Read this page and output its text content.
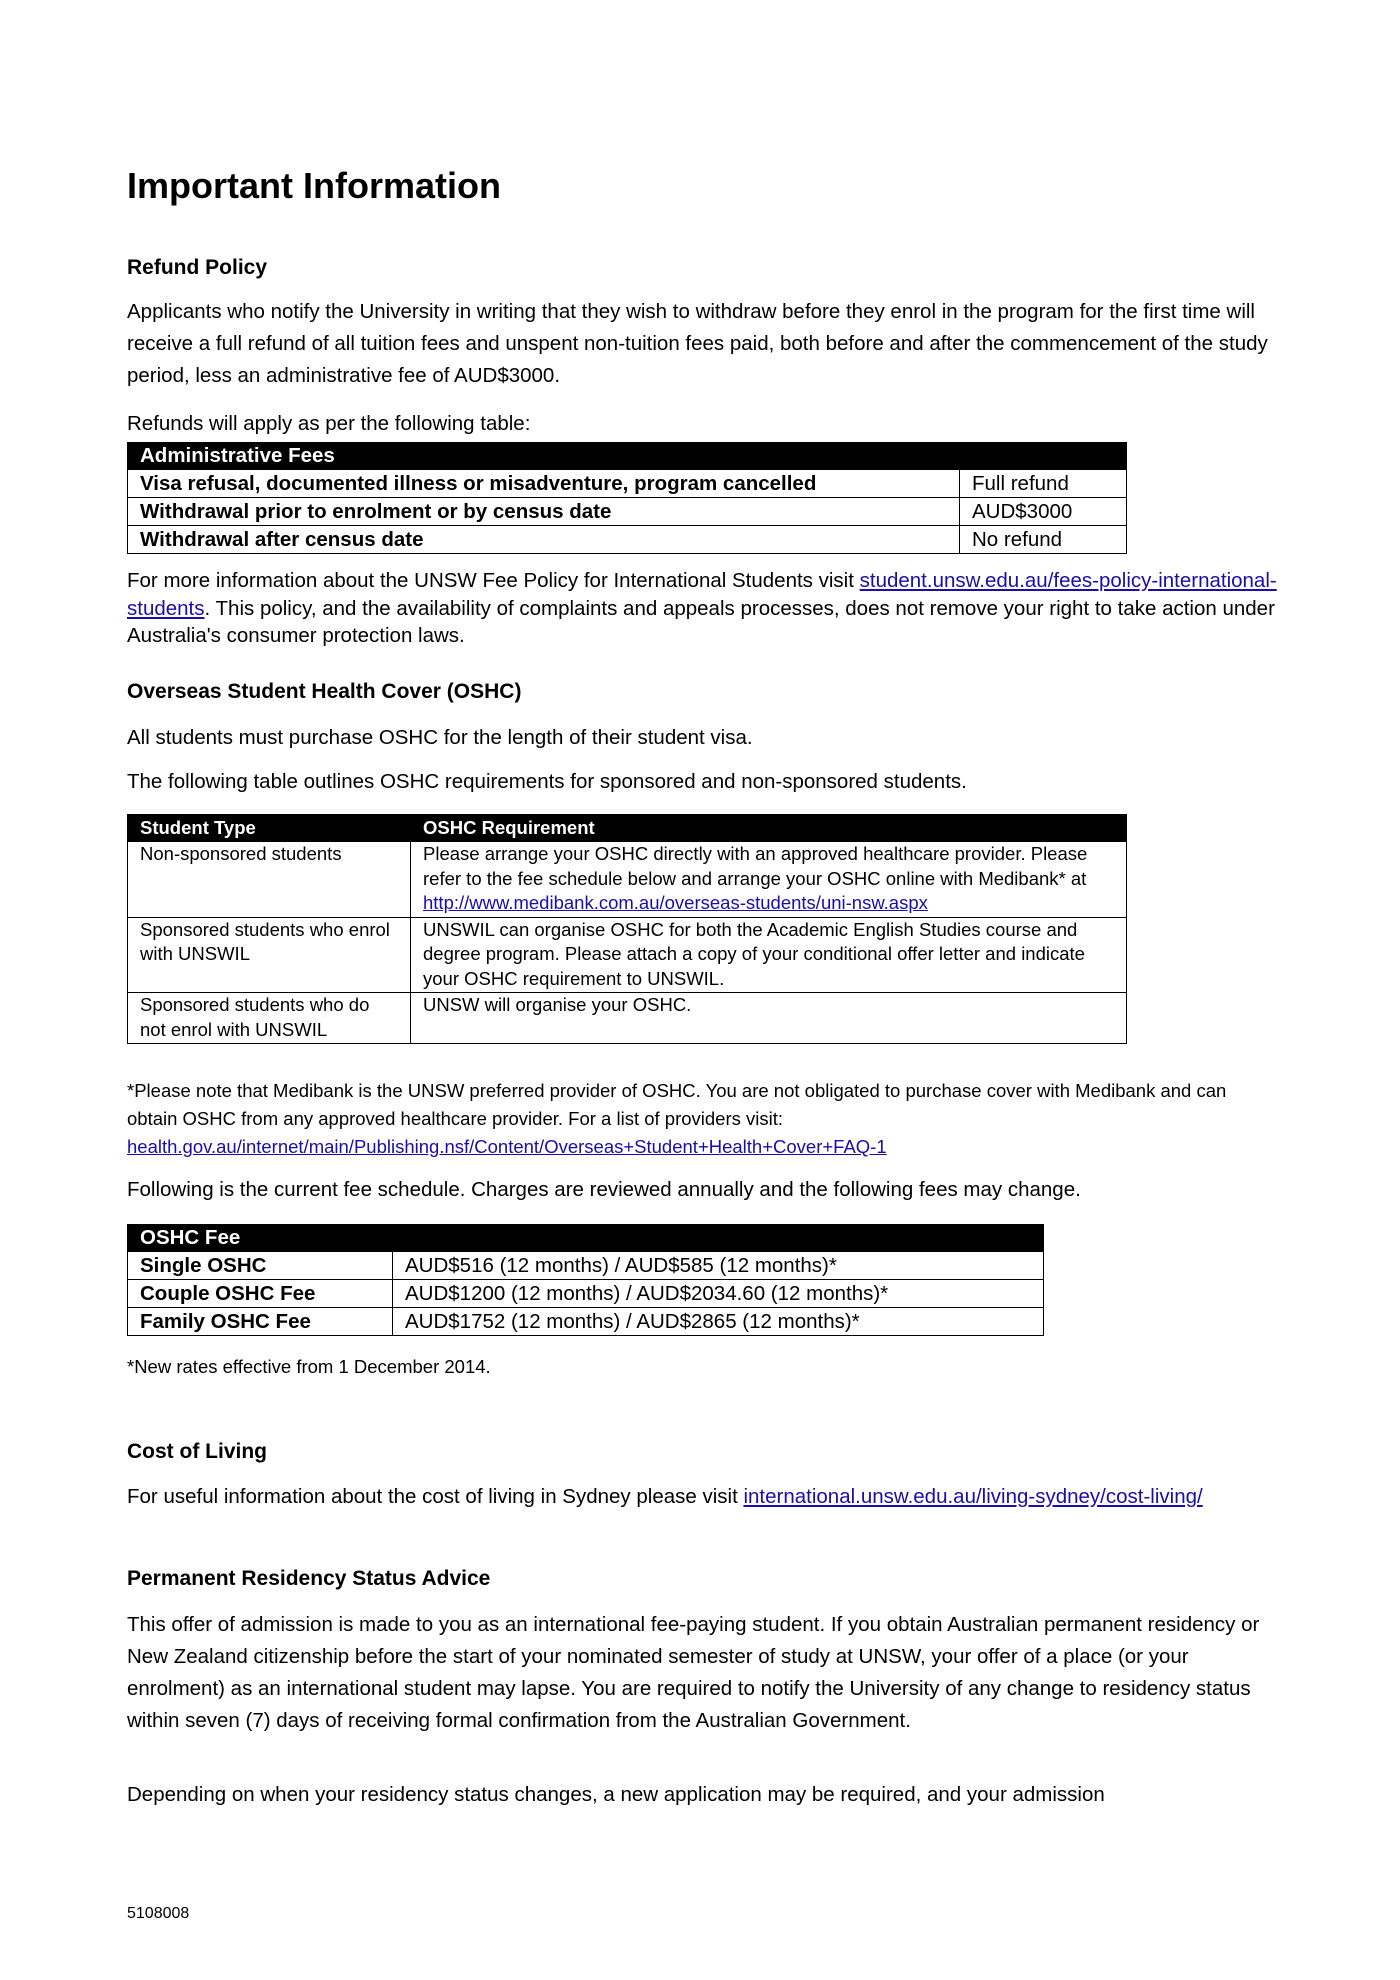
Important Information
Refund Policy

Applicants who notify the University in writing that they wish to withdraw before they enrol in the program for the first time will receive a full refund of all tuition fees and unspent non-tuition fees paid, both before and after the commencement of the study period, less an administrative fee of AUD$3000.

Refunds will apply as per the following table:

Administrative Fees	
Visa refusal, documented illness or misadventure, program cancelled	Full refund
Withdrawal prior to enrolment or by census date	AUD$3000
Withdrawal after census date	No refund

For more information about the UNSW Fee Policy for International Students visit student.unsw.edu.au/fees-policy-international-students. This policy, and the availability of complaints and appeals processes, does not remove your right to take action under Australia's consumer protection laws.

Overseas Student Health Cover (OSHC)

All students must purchase OSHC for the length of their student visa.

The following table outlines OSHC requirements for sponsored and non-sponsored students.

Student Type	OSHC Requirement
Non-sponsored students	Please arrange your OSHC directly with an approved healthcare provider. Please refer to the fee schedule below and arrange your OSHC online with Medibank* at http://www.medibank.com.au/overseas-students/uni-nsw.aspx
Sponsored students who enrol with UNSWIL	UNSWIL can organise OSHC for both the Academic English Studies course and degree program. Please attach a copy of your conditional offer letter and indicate your OSHC requirement to UNSWIL.
Sponsored students who do not enrol with UNSWIL	UNSW will organise your OSHC.

*Please note that Medibank is the UNSW preferred provider of OSHC. You are not obligated to purchase cover with Medibank and can obtain OSHC from any approved healthcare provider. For a list of providers visit:
health.gov.au/internet/main/Publishing.nsf/Content/Overseas+Student+Health+Cover+FAQ-1

Following is the current fee schedule. Charges are reviewed annually and the following fees may change.

OSHC Fee	
Single OSHC	AUD$516 (12 months) / AUD$585 (12 months)*
Couple OSHC Fee	AUD$1200 (12 months) / AUD$2034.60 (12 months)*
Family OSHC Fee	AUD$1752 (12 months) / AUD$2865 (12 months)*

*New rates effective from 1 December 2014.

Cost of Living

For useful information about the cost of living in Sydney please visit international.unsw.edu.au/living-sydney/cost-living/

Permanent Residency Status Advice

This offer of admission is made to you as an international fee-paying student. If you obtain Australian permanent residency or New Zealand citizenship before the start of your nominated semester of study at UNSW, your offer of a place (or your enrolment) as an international student may lapse. You are required to notify the University of any change to residency status within seven (7) days of receiving formal confirmation from the Australian Government.

Depending on when your residency status changes, a new application may be required, and your admission

5108008
